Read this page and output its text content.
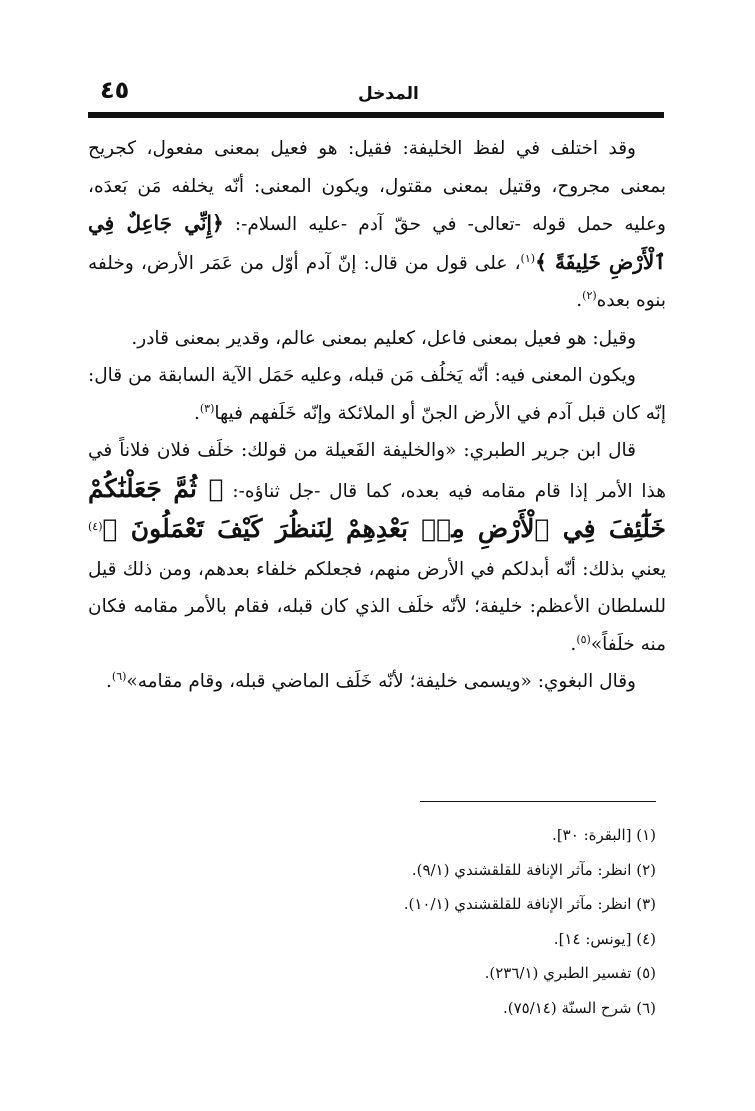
٤٥	المدخل

وقد اختلف في لفظ الخليفة: فقيل: هو فعيل بمعنى مفعول، كجريح بمعنى مجروح، وقتيل بمعنى مقتول، ويكون المعنى: أنّه يخلفه مَن بَعدَه، وعليه حمل قوله -تعالى- في حقّ آدم -عليه السلام-: ﴿إِنِّي جَاعِلٌ فِي ٱلْأَرْضِ خَلِيفَةً ﴾$^{(١)}$، على قول من قال: إنّ آدم أوّل من عَمَر الأرض، وخلفه بنوه بعده$^{(٢)}$.

وقيل: هو فعيل بمعنى فاعل، كعليم بمعنى عالم، وقدير بمعنى قادر.

ويكون المعنى فيه: أنّه يَخلُف مَن قبله، وعليه حَمَل الآية السابقة من قال: إنّه كان قبل آدم في الأرض الجنّ أو الملائكة وإنّه خَلَفهم فيها$^{(٣)}$.

قال ابن جرير الطبري: «والخليفة الفَعيلة من قولك: خلَف فلان فلاناً في هذا الأمر إذا قام مقامه فيه بعده، كما قال -جل ثناؤه-: ﴿ ثُمَّ جَعَلْنَٰكُمْ خَلَٰٓئِفَ فِي ٱلْأَرْضِ مِنۢ بَعْدِهِمْ لِنَنظُرَ كَيْفَ تَعْمَلُونَ ﴾$^{(٤)}$ يعني بذلك: أنّه أبدلكم في الأرض منهم، فجعلكم خلفاء بعدهم، ومن ذلك قيل للسلطان الأعظم: خليفة؛ لأنّه خلَف الذي كان قبله، فقام بالأمر مقامه فكان منه خلَفاً»$^{(٥)}$.

وقال البغوي: «ويسمى خليفة؛ لأنّه خَلَف الماضي قبله، وقام مقامه»$^{(٦)}$.

(١) [البقرة: ٣٠].
(٢) انظر: مآثر الإنافة للقلقشندي (٩/١).
(٣) انظر: مآثر الإنافة للقلقشندي (١٠/١).
(٤) [يونس: ١٤].
(٥) تفسير الطبري (٢٣٦/١).
(٦) شرح السنّة (٧٥/١٤).
